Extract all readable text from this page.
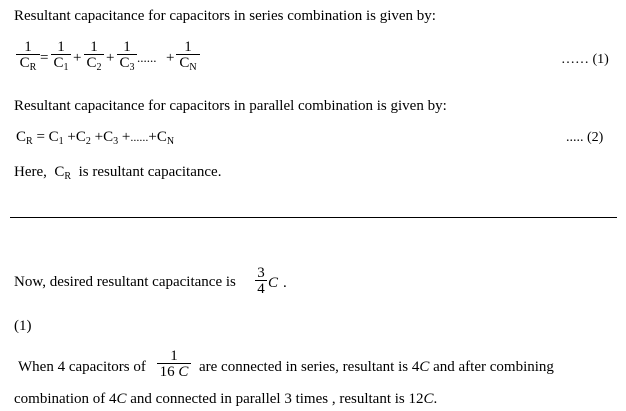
Resultant capacitance for capacitors in series combination is given by:
1
$C_R$
=
1
$C_1$
+
1
$C_2$
+
1
$C_3$
...... +
1
$C_N$
…… (1)
Resultant capacitance for capacitors in parallel combination is given by:
$C_R = C_1 +C_2 +C_3 +......+C_N$	..... (2)
Here, $C_R$ is resultant capacitance.
Now, desired resultant capacitance is
3
4 C .
(1)
When 4 capacitors of
1
16 C are connected in series, resultant is 4C and after combining
combination of 4C and connected in parallel 3 times , resultant is 12C.
